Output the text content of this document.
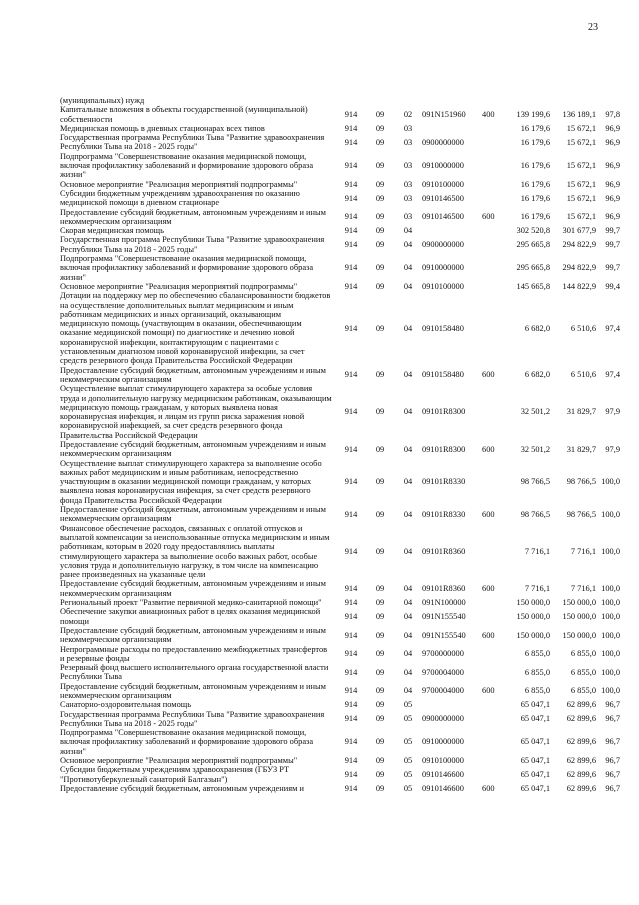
23
(муниципальных) нужд
Капитальные вложения в объекты государственной (муниципальной) собственности
914	09	02	091N151960	400	139 199,6	136 189,1	97,8
Медицинская помощь в дневных стационарах всех типов	914	09	03	16 179,6	15 672,1	96,9
Государственная программа Республики Тыва "Развитие здравоохранения Республики Тыва на 2018 - 2025 годы"
914	09	03	0900000000	16 179,6	15 672,1	96,9
Подпрограмма "Совершенствование оказания медицинской помощи, включая профилактику заболеваний и формирование здорового образа жизни"
914	09	03	0910000000	16 179,6	15 672,1	96,9
Основное мероприятие "Реализация мероприятий подпрограммы"	914	09	03	0910100000	16 179,6	15 672,1	96,9
Субсидии бюджетным учреждениям здравоохранения по оказанию медицинской помощи в дневном стационаре
914	09	03	0910146500	16 179,6	15 672,1	96,9
Предоставление субсидий бюджетным, автономным учреждениям и иным некоммерческим организациям
914	09	03	0910146500	600	16 179,6	15 672,1	96,9
Скорая медицинская помощь	914	09	04	302 520,8	301 677,9	99,7
Государственная программа Республики Тыва "Развитие здравоохранения Республики Тыва на 2018 - 2025 годы"
914	09	04	0900000000	295 665,8	294 822,9	99,7
Подпрограмма "Совершенствование оказания медицинской помощи, включая профилактику заболеваний и формирование здорового образа жизни"
914	09	04	0910000000	295 665,8	294 822,9	99,7
Основное мероприятие "Реализация мероприятий подпрограммы"	914	09	04	0910100000	145 665,8	144 822,9	99,4
Дотации на поддержку мер по обеспечению сбалансированности бюджетов на осуществление дополнительных выплат медицинским и иным работникам медицинских и иных организаций, оказывающим медицинскую помощь (участвующим в оказании, обеспечивающим оказание медицинской помощи) по диагностике и лечению новой коронавирусной инфекции, контактирующим с пациентами с установленным диагнозом новой коронавирусной инфекции, за счет средств резервного фонда Правительства Российской Федерации
914	09	04	0910158480	6 682,0	6 510,6	97,4
Предоставление субсидий бюджетным, автономным учреждениям и иным некоммерческим организациям
914	09	04	0910158480	600	6 682,0	6 510,6	97,4
Осуществление выплат стимулирующего характера за особые условия труда и дополнительную нагрузку медицинским работникам, оказывающим медицинскую помощь гражданам, у которых выявлена новая коронавирусная инфекция, и лицам из групп риска заражения новой коронавирусной инфекцией, за счет средств резервного фонда Правительства Российской Федерации
914	09	04	09101R8300	32 501,2	31 829,7	97,9
Предоставление субсидий бюджетным, автономным учреждениям и иным некоммерческим организациям
914	09	04	09101R8300	600	32 501,2	31 829,7	97,9
Осуществление выплат стимулирующего характера за выполнение особо важных работ медицинским и иным работникам, непосредственно участвующим в оказании медицинской помощи гражданам, у которых выявлена новая коронавирусная инфекция, за счет средств резервного фонда Правительства Российской Федерации
914	09	04	09101R8330	98 766,5	98 766,5 100,0
Предоставление субсидий бюджетным, автономным учреждениям и иным некоммерческим организациям
914	09	04	09101R8330	600	98 766,5	98 766,5 100,0
Финансовое обеспечение расходов, связанных с оплатой отпусков и выплатой компенсации за неиспользованные отпуска медицинским и иным работникам, которым в 2020 году предоставлялись выплаты стимулирующего характера за выполнение особо важных работ, особые условия труда и дополнительную нагрузку, в том числе на компенсацию ранее произведенных на указанные цели
914	09	04	09101R8360	7 716,1	7 716,1 100,0
Предоставление субсидий бюджетным, автономным учреждениям и иным некоммерческим организациям
914	09	04	09101R8360	600	7 716,1	7 716,1 100,0
Региональный проект "Развитие первичной медико-санитарной помощи"	914	09	04	091N100000	150 000,0	150 000,0 100,0
Обеспечение закупки авиационных работ в целях оказания медицинской помощи
914	09	04	091N155540	150 000,0	150 000,0 100,0
Предоставление субсидий бюджетным, автономным учреждениям и иным некоммерческим организациям
914	09	04	091N155540	600	150 000,0	150 000,0 100,0
Непрограммные расходы по предоставлению межбюджетных трансфертов и резервные фонды
914	09	04	9700000000	6 855,0	6 855,0 100,0
Резервный фонд высшего исполнительного органа государственной власти Республики Тыва
914	09	04	9700004000	6 855,0	6 855,0 100,0
Предоставление субсидий бюджетным, автономным учреждениям и иным некоммерческим организациям
914	09	04	9700004000	600	6 855,0	6 855,0 100,0
Санаторно-оздоровительная помощь	914	09	05	65 047,1	62 899,6	96,7
Государственная программа Республики Тыва "Развитие здравоохранения Республики Тыва на 2018 - 2025 годы"
914	09	05	0900000000	65 047,1	62 899,6	96,7
Подпрограмма "Совершенствование оказания медицинской помощи, включая профилактику заболеваний и формирование здорового образа жизни"
914	09	05	0910000000	65 047,1	62 899,6	96,7
Основное мероприятие "Реализация мероприятий подпрограммы"	914	09	05	0910100000	65 047,1	62 899,6	96,7
Субсидии бюджетным учреждениям здравоохранения (ГБУЗ РТ "Противотуберкулезный санаторий Балгазын")
914	09	05	0910146600	65 047,1	62 899,6	96,7
Предоставление субсидий бюджетным, автономным учреждениям и	914	09	05	0910146600	600	65 047,1	62 899,6	96,7
